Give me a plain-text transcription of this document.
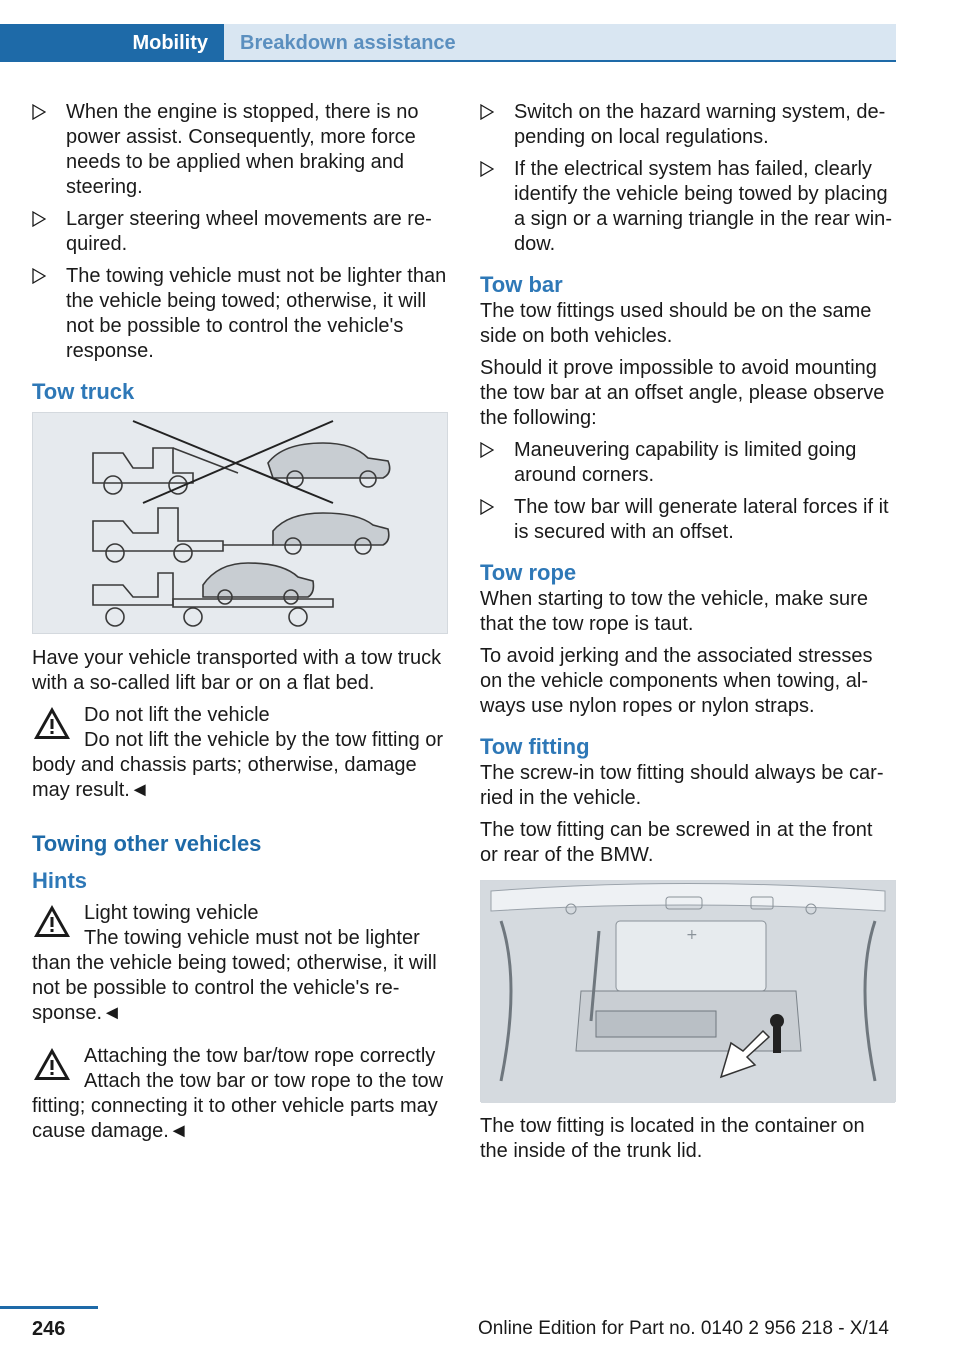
Mobility	Breakdown assistance
When the engine is stopped, there is no power assist. Consequently, more force needs to be applied when braking and steering.
Larger steering wheel movements are required.
The towing vehicle must not be lighter than the vehicle being towed; otherwise, it will not be possible to control the vehicle's response.
Tow truck

Have your vehicle transported with a tow truck with a so-called lift bar or on a flat bed.

Do not lift the vehicle

Do not lift the vehicle by the tow fitting or body and chassis parts; otherwise, damage may result.◄

Towing other vehicles
Hints

Light towing vehicle

The towing vehicle must not be lighter than the vehicle being towed; otherwise, it will not be possible to control the vehicle's response.◄

Attaching the tow bar/tow rope correctly

Attach the tow bar or tow rope to the tow fitting; connecting it to other vehicle parts may cause damage.◄

Switch on the hazard warning system, depending on local regulations.
If the electrical system has failed, clearly identify the vehicle being towed by placing a sign or a warning triangle in the rear window.
Tow bar

The tow fittings used should be on the same side on both vehicles.

Should it prove impossible to avoid mounting the tow bar at an offset angle, please observe the following:

Maneuvering capability is limited going around corners.
The tow bar will generate lateral forces if it is secured with an offset.
Tow rope

When starting to tow the vehicle, make sure that the tow rope is taut.

To avoid jerking and the associated stresses on the vehicle components when towing, always use nylon ropes or nylon straps.

Tow fitting

The screw-in tow fitting should always be carried in the vehicle.

The tow fitting can be screwed in at the front or rear of the BMW.

+

The tow fitting is located in the container on the inside of the trunk lid.

246	Online Edition for Part no. 0140 2 956 218 - X/14
